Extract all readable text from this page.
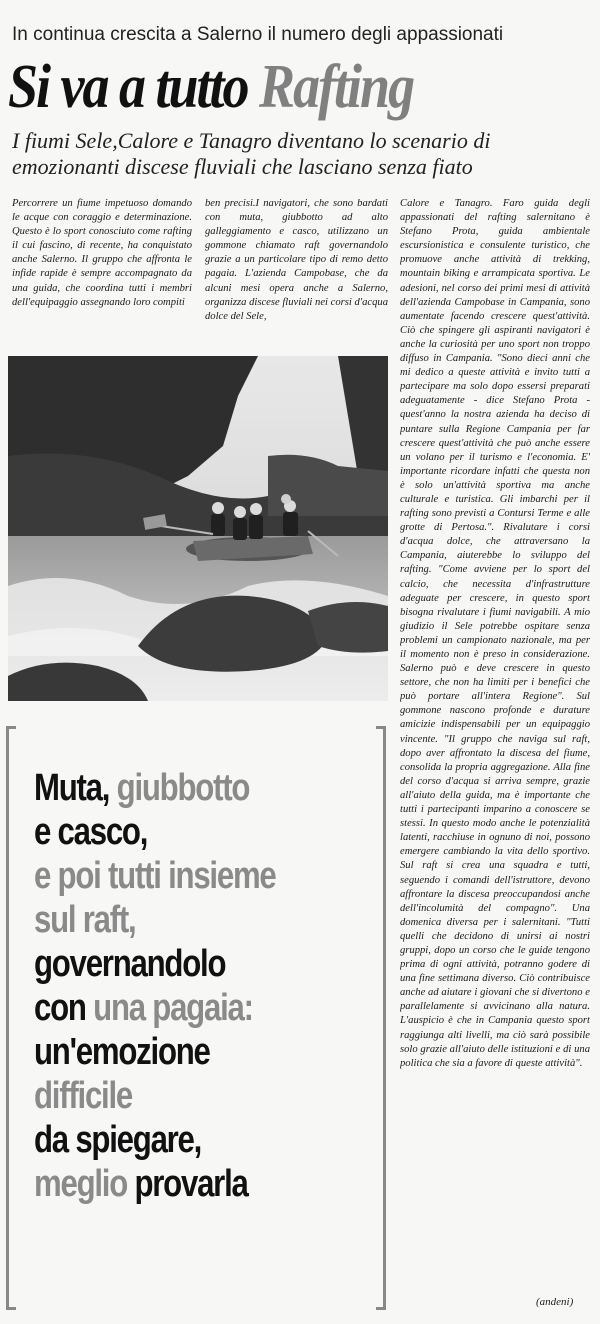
In continua crescita a Salerno il numero degli appassionati
Si va a tutto Rafting
I fiumi Sele,Calore e Tanagro diventano lo scenario di emozionanti discese fluviali che lasciano senza fiato
Percorrere un fiume impetuoso domando le acque con coraggio e determinazione. Questo è lo sport conosciuto come rafting il cui fascino, di recente, ha conquistato anche Salerno. Il gruppo che affronta le infide rapide è sempre accompagnato da una guida, che coordina tutti i membri dell'equipaggio assegnando loro compiti
ben precisi.I navigatori, che sono bardati con muta, giubbotto ad alto galleggiamento e casco, utilizzano un gommone chiamato raft governandolo grazie a un particolare tipo di remo detto pagaia. L'azienda Campobase, che da alcuni mesi opera anche a Salerno, organizza discese fluviali nei corsi d'acqua dolce del Sele,
Calore e Tanagro. Faro guida degli appassionati del rafting salernitano è Stefano Prota, guida ambientale escursionistica e consulente turistico, che promuove anche attività di trekking, mountain biking e arrampicata sportiva. Le adesioni, nel corso dei primi mesi di attività dell'azienda Campobase in Campania, sono aumentate facendo crescere quest'attività. Ciò che spingere gli aspiranti navigatori è anche la curiosità per uno sport non troppo diffuso in Campania. "Sono dieci anni che mi dedico a queste attività e invito tutti a partecipare ma solo dopo essersi preparati adeguatamente - dice Stefano Prota - quest'anno la nostra azienda ha deciso di puntare sulla Regione Campania per far crescere quest'attività che può anche essere un volano per il turismo e l'economia. E' importante ricordare infatti che questa non è solo un'attività sportiva ma anche culturale e turistica. Gli imbarchi per il rafting sono previsti a Contursi Terme e alle grotte di Pertosa.". Rivalutare i corsi d'acqua dolce, che attraversano la Campania, aiuterebbe lo sviluppo del rafting. "Come avviene per lo sport del calcio, che necessita d'infrastrutture adeguate per crescere, in questo sport bisogna rivalutare i fiumi navigabili. A mio giudizio il Sele potrebbe ospitare senza problemi un campionato nazionale, ma per il momento non è preso in considerazione. Salerno può e deve crescere in questo settore, che non ha limiti per i benefici che può portare all'intera Regione". Sul gommone nascono profonde e durature amicizie indispensabili per un equipaggio vincente. "Il gruppo che naviga sul raft, dopo aver affrontato la discesa del fiume, consolida la propria aggregazione. Alla fine del corso d'acqua si arriva sempre, grazie all'aiuto della guida, ma è importante che tutti i partecipanti imparino a conoscere se stessi. In questo modo anche le potenzialità latenti, racchiuse in ognuno di noi, possono emergere cambiando la vita dello sportivo. Sul raft si crea una squadra e tutti, seguendo i comandi dell'istruttore, devono affrontare la discesa preoccupandosi anche dell'incolumità del compagno". Una domenica diversa per i salernitani. "Tutti quelli che decidono di unirsi ai nostri gruppi, dopo un corso che le guide tengono prima di ogni attività, potranno godere di una fine settimana diverso. Ciò contribuisce anche ad aiutare i giovani che si divertono e parallelamente si avvicinano alla natura. L'auspicio è che in Campania questo sport raggiunga alti livelli, ma ciò sarà possibile solo grazie all'aiuto delle istituzioni e di una politica che sia a favore di queste attività".
Muta, giubbotto
e casco,
e poi tutti insieme
sul raft,
governandolo
con una pagaia:
un'emozione
difficile
da spiegare,
meglio provarla
(andeni)
